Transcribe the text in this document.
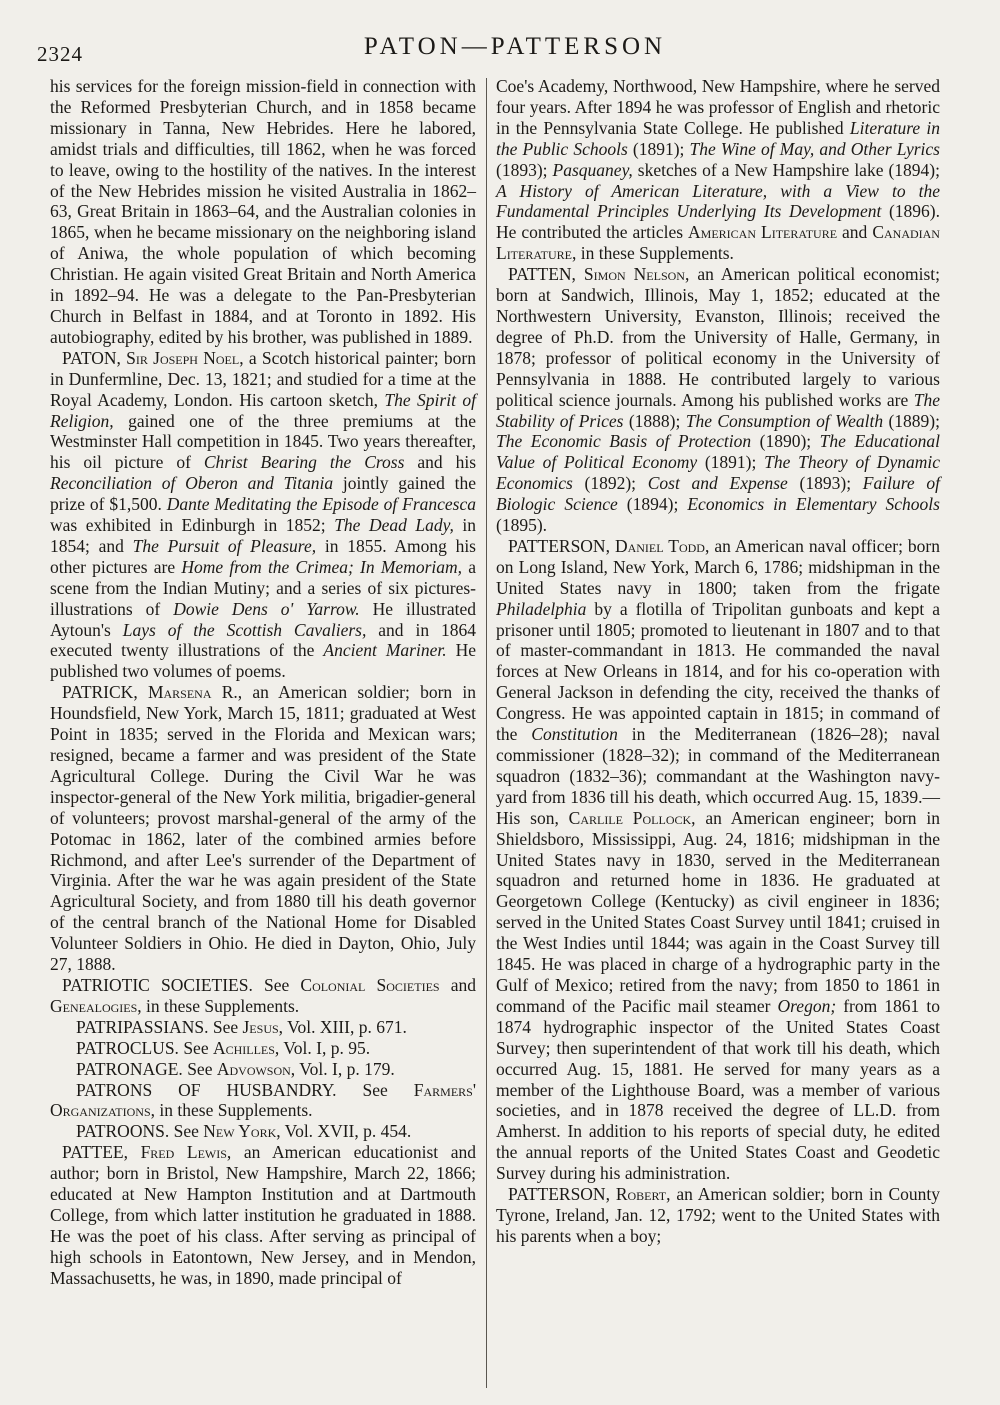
2324	PATON—PATTERSON

his services for the foreign mission-field in connection with the Reformed Presbyterian Church, and in 1858 became missionary in Tanna, New Hebrides. Here he labored, amidst trials and difficulties, till 1862, when he was forced to leave, owing to the hostility of the natives. In the interest of the New Hebrides mission he visited Australia in 1862–63, Great Britain in 1863–64, and the Australian colonies in 1865, when he became missionary on the neighboring island of Aniwa, the whole population of which becoming Christian. He again visited Great Britain and North America in 1892–94. He was a delegate to the Pan-Presbyterian Church in Belfast in 1884, and at Toronto in 1892. His autobiography, edited by his brother, was published in 1889.

PATON, Sir Joseph Noel, a Scotch historical painter; born in Dunfermline, Dec. 13, 1821; and studied for a time at the Royal Academy, London. His cartoon sketch, The Spirit of Religion, gained one of the three premiums at the Westminster Hall competition in 1845. Two years thereafter, his oil picture of Christ Bearing the Cross and his Reconciliation of Oberon and Titania jointly gained the prize of $1,500. Dante Meditating the Episode of Francesca was exhibited in Edinburgh in 1852; The Dead Lady, in 1854; and The Pursuit of Pleasure, in 1855. Among his other pictures are Home from the Crimea; In Memoriam, a scene from the Indian Mutiny; and a series of six pictures-illustrations of Dowie Dens o' Yarrow. He illustrated Aytoun's Lays of the Scottish Cavaliers, and in 1864 executed twenty illustrations of the Ancient Mariner. He published two volumes of poems.

PATRICK, Marsena R., an American soldier; born in Houndsfield, New York, March 15, 1811; graduated at West Point in 1835; served in the Florida and Mexican wars; resigned, became a farmer and was president of the State Agricultural College. During the Civil War he was inspector-general of the New York militia, brigadier-general of volunteers; provost marshal-general of the army of the Potomac in 1862, later of the combined armies before Richmond, and after Lee's surrender of the Department of Virginia. After the war he was again president of the State Agricultural Society, and from 1880 till his death governor of the central branch of the National Home for Disabled Volunteer Soldiers in Ohio. He died in Dayton, Ohio, July 27, 1888.

PATRIOTIC SOCIETIES. See Colonial Societies and Genealogies, in these Supplements.

PATRIPASSIANS. See Jesus, Vol. XIII, p. 671.

PATROCLUS. See Achilles, Vol. I, p. 95.

PATRONAGE. See Advowson, Vol. I, p. 179.

PATRONS OF HUSBANDRY. See Farmers' Organizations, in these Supplements.

PATROONS. See New York, Vol. XVII, p. 454.

PATTEE, Fred Lewis, an American educationist and author; born in Bristol, New Hampshire, March 22, 1866; educated at New Hampton Institution and at Dartmouth College, from which latter institution he graduated in 1888. He was the poet of his class. After serving as principal of high schools in Eatontown, New Jersey, and in Mendon, Massachusetts, he was, in 1890, made principal of

Coe's Academy, Northwood, New Hampshire, where he served four years. After 1894 he was professor of English and rhetoric in the Pennsylvania State College. He published Literature in the Public Schools (1891); The Wine of May, and Other Lyrics (1893); Pasquaney, sketches of a New Hampshire lake (1894); A History of American Literature, with a View to the Fundamental Principles Underlying Its Development (1896). He contributed the articles American Literature and Canadian Literature, in these Supplements.

PATTEN, Simon Nelson, an American political economist; born at Sandwich, Illinois, May 1, 1852; educated at the Northwestern University, Evanston, Illinois; received the degree of Ph.D. from the University of Halle, Germany, in 1878; professor of political economy in the University of Pennsylvania in 1888. He contributed largely to various political science journals. Among his published works are The Stability of Prices (1888); The Consumption of Wealth (1889); The Economic Basis of Protection (1890); The Educational Value of Political Economy (1891); The Theory of Dynamic Economics (1892); Cost and Expense (1893); Failure of Biologic Science (1894); Economics in Elementary Schools (1895).

PATTERSON, Daniel Todd, an American naval officer; born on Long Island, New York, March 6, 1786; midshipman in the United States navy in 1800; taken from the frigate Philadelphia by a flotilla of Tripolitan gunboats and kept a prisoner until 1805; promoted to lieutenant in 1807 and to that of master-commandant in 1813. He commanded the naval forces at New Orleans in 1814, and for his co-operation with General Jackson in defending the city, received the thanks of Congress. He was appointed captain in 1815; in command of the Constitution in the Mediterranean (1826–28); naval commissioner (1828–32); in command of the Mediterranean squadron (1832–36); commandant at the Washington navy-yard from 1836 till his death, which occurred Aug. 15, 1839.—His son, Carlile Pollock, an American engineer; born in Shieldsboro, Mississippi, Aug. 24, 1816; midshipman in the United States navy in 1830, served in the Mediterranean squadron and returned home in 1836. He graduated at Georgetown College (Kentucky) as civil engineer in 1836; served in the United States Coast Survey until 1841; cruised in the West Indies until 1844; was again in the Coast Survey till 1845. He was placed in charge of a hydrographic party in the Gulf of Mexico; retired from the navy; from 1850 to 1861 in command of the Pacific mail steamer Oregon; from 1861 to 1874 hydrographic inspector of the United States Coast Survey; then superintendent of that work till his death, which occurred Aug. 15, 1881. He served for many years as a member of the Lighthouse Board, was a member of various societies, and in 1878 received the degree of LL.D. from Amherst. In addition to his reports of special duty, he edited the annual reports of the United States Coast and Geodetic Survey during his administration.

PATTERSON, Robert, an American soldier; born in County Tyrone, Ireland, Jan. 12, 1792; went to the United States with his parents when a boy;
